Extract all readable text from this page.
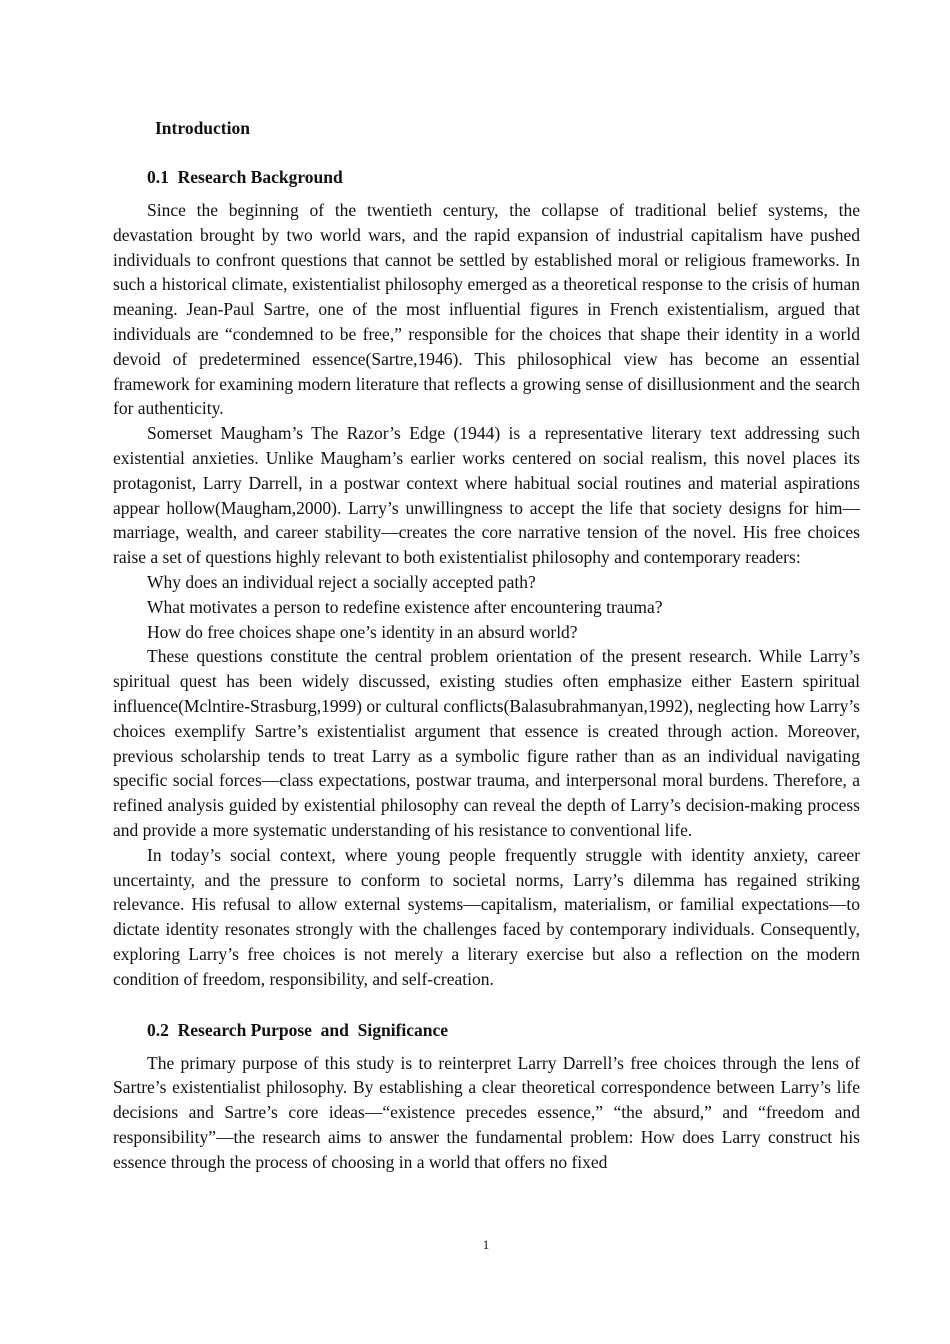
Introduction
0.1 Research Background

Since the beginning of the twentieth century, the collapse of traditional belief systems, the devastation brought by two world wars, and the rapid expansion of industrial capitalism have pushed individuals to confront questions that cannot be settled by established moral or religious frameworks. In such a historical climate, existentialist philosophy emerged as a theoretical response to the crisis of human meaning. Jean-Paul Sartre, one of the most influential figures in French existentialism, argued that individuals are “condemned to be free,” responsible for the choices that shape their identity in a world devoid of predetermined essence(Sartre,1946). This philosophical view has become an essential framework for examining modern literature that reflects a growing sense of disillusionment and the search for authenticity.

Somerset Maugham’s The Razor’s Edge (1944) is a representative literary text addressing such existential anxieties. Unlike Maugham’s earlier works centered on social realism, this novel places its protagonist, Larry Darrell, in a postwar context where habitual social routines and material aspirations appear hollow(Maugham,2000). Larry’s unwillingness to accept the life that society designs for him—marriage, wealth, and career stability—creates the core narrative tension of the novel. His free choices raise a set of questions highly relevant to both existentialist philosophy and contemporary readers:

Why does an individual reject a socially accepted path?

What motivates a person to redefine existence after encountering trauma?

How do free choices shape one’s identity in an absurd world?

These questions constitute the central problem orientation of the present research. While Larry’s spiritual quest has been widely discussed, existing studies often emphasize either Eastern spiritual influence(Mclntire-Strasburg,1999) or cultural conflicts(Balasubrahmanyan,1992), neglecting how Larry’s choices exemplify Sartre’s existentialist argument that essence is created through action. Moreover, previous scholarship tends to treat Larry as a symbolic figure rather than as an individual navigating specific social forces—class expectations, postwar trauma, and interpersonal moral burdens. Therefore, a refined analysis guided by existential philosophy can reveal the depth of Larry’s decision-making process and provide a more systematic understanding of his resistance to conventional life.

In today’s social context, where young people frequently struggle with identity anxiety, career uncertainty, and the pressure to conform to societal norms, Larry’s dilemma has regained striking relevance. His refusal to allow external systems—capitalism, materialism, or familial expectations—to dictate identity resonates strongly with the challenges faced by contemporary individuals. Consequently, exploring Larry’s free choices is not merely a literary exercise but also a reflection on the modern condition of freedom, responsibility, and self-creation.

0.2 Research Purpose  and  Significance

The primary purpose of this study is to reinterpret Larry Darrell’s free choices through the lens of Sartre’s existentialist philosophy. By establishing a clear theoretical correspondence between Larry’s life decisions and Sartre’s core ideas—“existence precedes essence,” “the absurd,” and “freedom and responsibility”—the research aims to answer the fundamental problem: How does Larry construct his essence through the process of choosing in a world that offers no fixed

1
